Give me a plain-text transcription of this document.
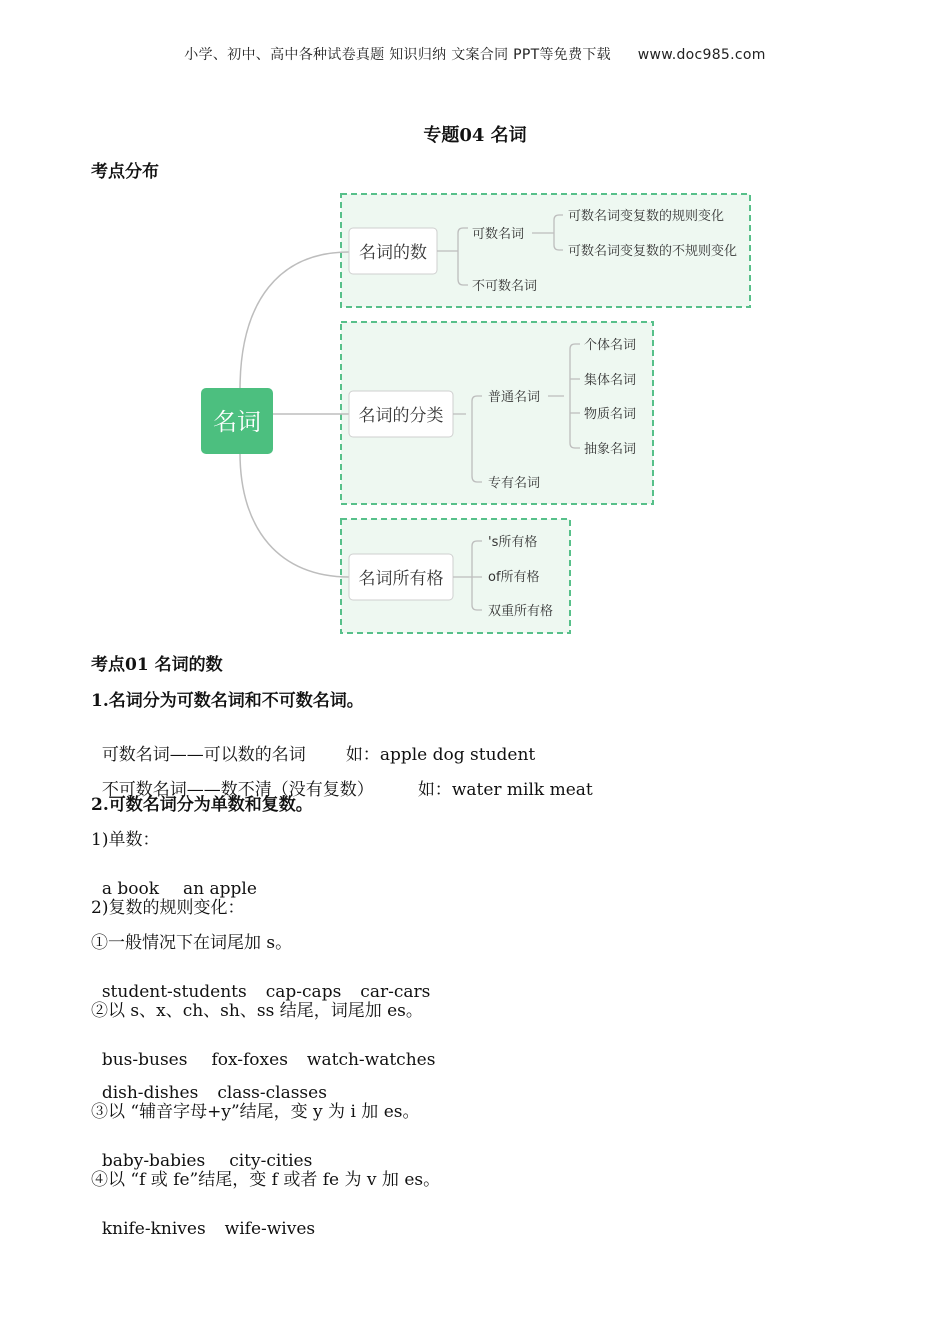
小学、初中、高中各种试卷真题 知识归纳 文案合同 PPT等免费下载 www.doc985.com
专题04 名词
考点分布
名词
名词的数
可数名词
不可数名词
可数名词变复数的规则变化
可数名词变复数的不规则变化
名词的分类
普通名词
专有名词
个体名词
集体名词
物质名词
抽象名词
名词所有格
's所有格
of所有格
双重所有格
考点01 名词的数
1.名词分为可数名词和不可数名词。

可数名词——可以数的名词 如：apple dog student

不可数名词——数不清（没有复数）	如：water milk meat

2.可数名词分为单数和复数。
1)单数：

a book an apple

2)复数的规则变化：
①一般情况下在词尾加 s。

student-students cap-caps car-cars

②以 s、x、ch、sh、ss 结尾，词尾加 es。

bus-buses fox-foxes watch-watches

dish-dishes class-classes

③以 “辅音字母+y”结尾，变 y 为 i 加 es。

baby-babies city-cities

④以 “f 或 fe”结尾，变 f 或者 fe 为 v 加 es。

knife-knives wife-wives
